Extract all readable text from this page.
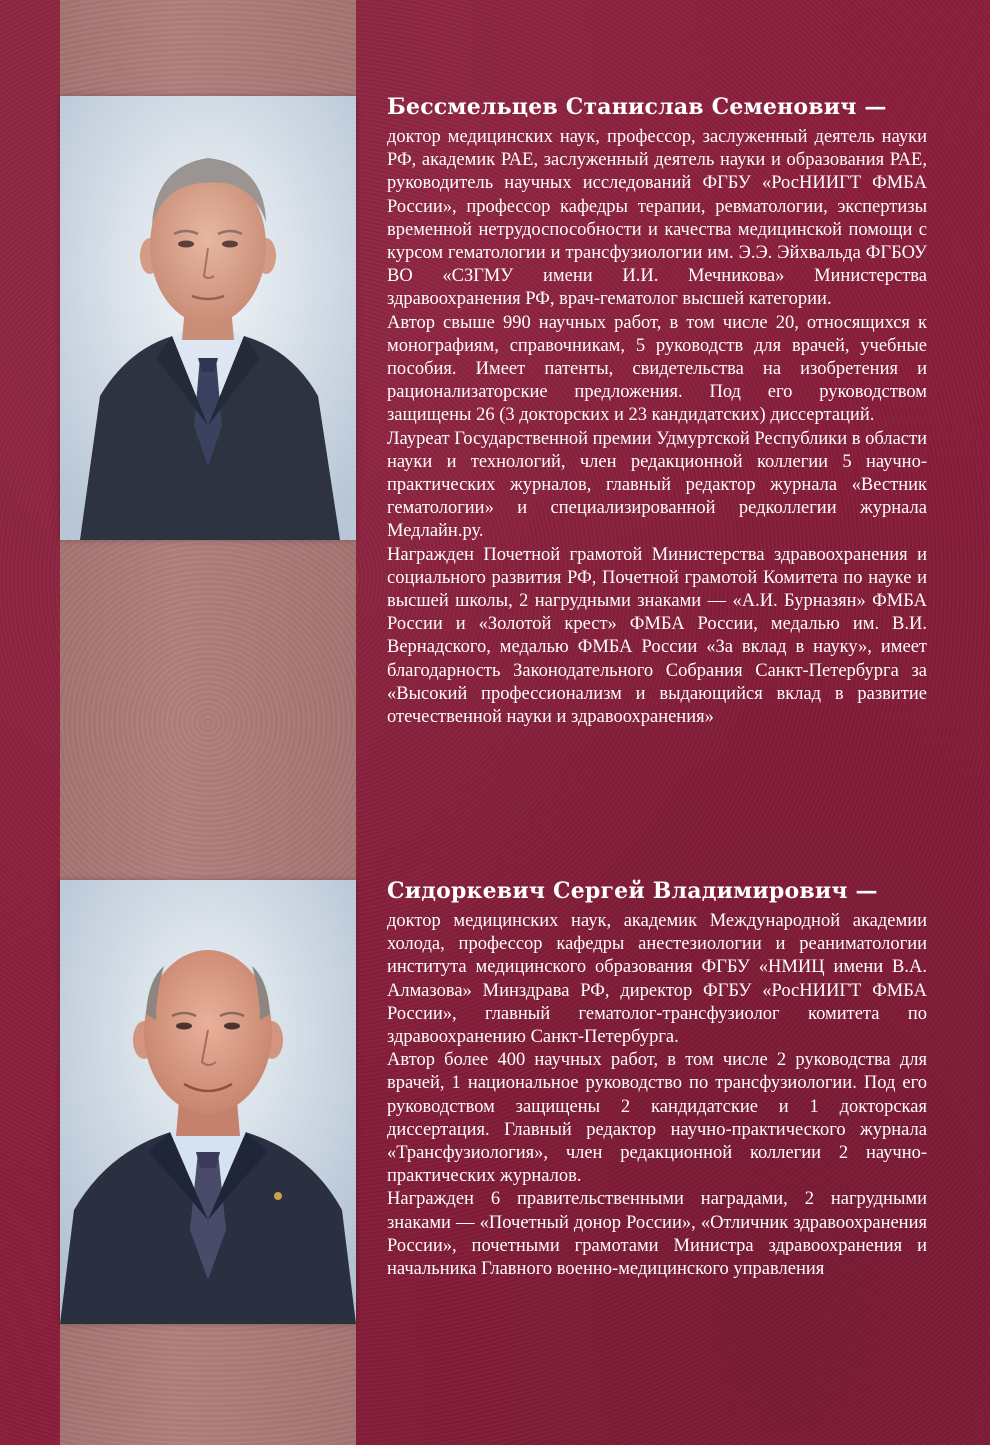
Бессмельцев Станислав Семенович —

доктор медицинских наук, профессор, заслуженный деятель науки РФ, академик РАЕ, заслуженный деятель науки и образования РАЕ, руководитель научных исследований ФГБУ «РосНИИГТ ФМБА России», профессор кафедры терапии, ревматологии, экспертизы временной нетрудоспособности и качества медицинской помощи с курсом гематологии и трансфузиологии им. Э.Э. Эйхвальда ФГБОУ ВО «СЗГМУ имени И.И. Мечникова» Министерства здравоохранения РФ, врач-гематолог высшей категории.

Автор свыше 990 научных работ, в том числе 20, относящихся к монографиям, справочникам, 5 руководств для врачей, учебные пособия. Имеет патенты, свидетельства на изобретения и рационализаторские предложения. Под его руководством защищены 26 (3 докторских и 23 кандидатских) диссертаций.

Лауреат Государственной премии Удмуртской Республики в области науки и технологий, член редакционной коллегии 5 научно-практических журналов, главный редактор журнала «Вестник гематологии» и специализированной редколлегии журнала Медлайн.ру.

Награжден Почетной грамотой Министерства здравоохранения и социального развития РФ, Почетной грамотой Комитета по науке и высшей школы, 2 нагрудными знаками — «А.И. Бурназян» ФМБА России и «Золотой крест» ФМБА России, медалью им. В.И. Вернадского, медалью ФМБА России «За вклад в науку», имеет благодарность Законодательного Собрания Санкт-Петербурга за «Высокий профессионализм и выдающийся вклад в развитие отечественной науки и здравоохранения»

Сидоркевич Сергей Владимирович —

доктор медицинских наук, академик Международной академии холода, профессор кафедры анестезиологии и реаниматологии института медицинского образования ФГБУ «НМИЦ имени В.А. Алмазова» Минздрава РФ, директор ФГБУ «РосНИИГТ ФМБА России», главный гематолог-трансфузиолог комитета по здравоохранению Санкт-Петербурга.

Автор более 400 научных работ, в том числе 2 руководства для врачей, 1 национальное руководство по трансфузиологии. Под его руководством защищены 2 кандидатские и 1 докторская диссертация. Главный редактор научно-практического журнала «Трансфузиология», член редакционной коллегии 2 научно-практических журналов.

Награжден 6 правительственными наградами, 2 нагрудными знаками — «Почетный донор России», «Отличник здравоохранения России», почетными грамотами Министра здравоохранения и начальника Главного военно-медицинского управления
